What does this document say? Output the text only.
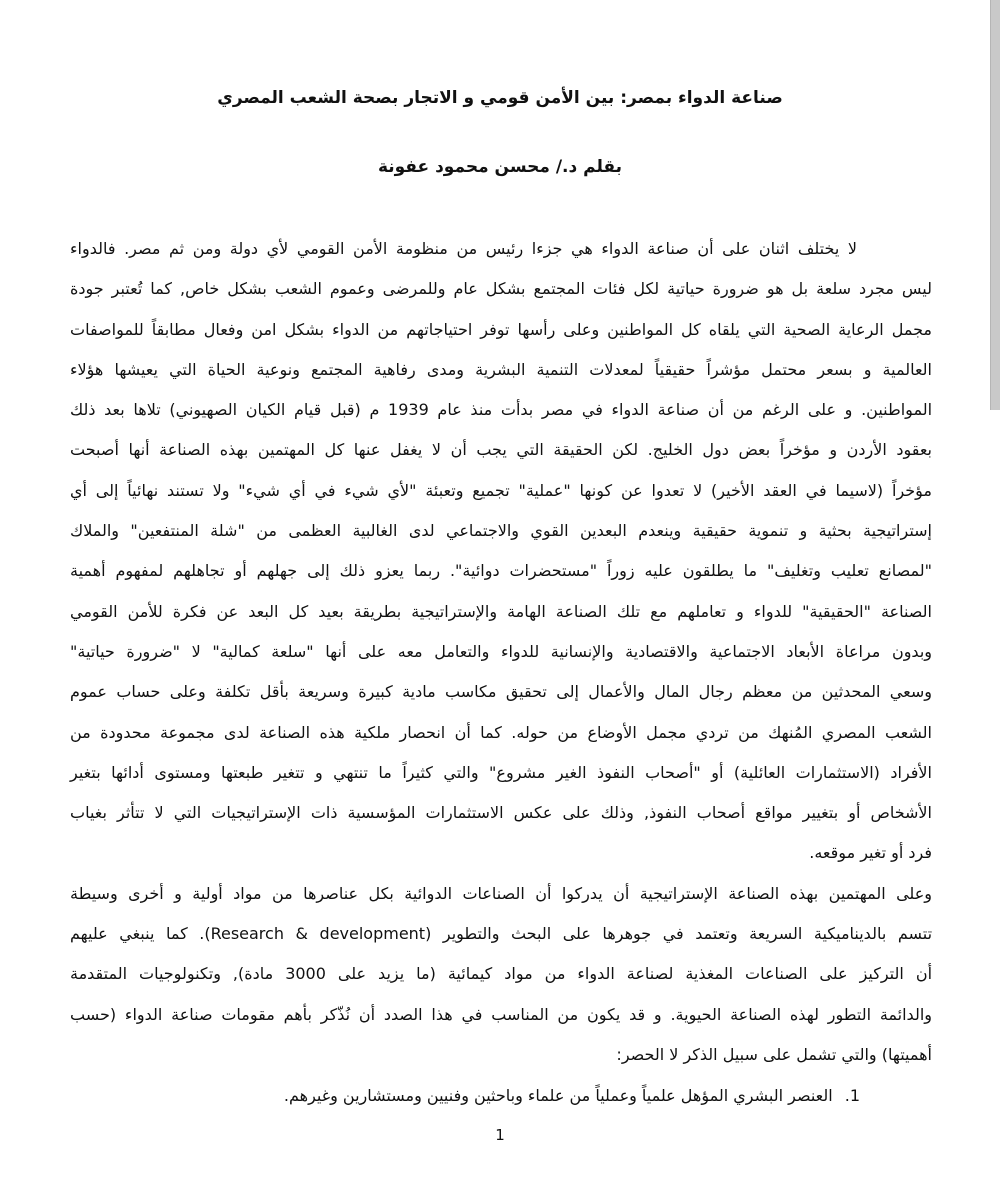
صناعة الدواء بمصر: بين الأمن قومي و الاتجار بصحة الشعب المصري
بقلم د./ محسن محمود عفونة
لا يختلف اثنان على أن صناعة الدواء هي جزءا رئيس من منظومة الأمن القومي لأي دولة ومن ثم مصر. فالدواء
ليس مجرد سلعة بل هو ضرورة حياتية لكل فئات المجتمع بشكل عام وللمرضى وعموم الشعب بشكل خاص, كما تُعتبر جودة
مجمل الرعاية الصحية التي يلقاه كل المواطنين وعلى رأسها توفر احتياجاتهم من الدواء بشكل امن وفعال مطابقاً للمواصفات
العالمية و بسعر محتمل مؤشراً حقيقياً لمعدلات التنمية البشرية ومدى رفاهية المجتمع ونوعية الحياة التي يعيشها هؤلاء
المواطنين. و على الرغم من أن صناعة الدواء في مصر بدأت منذ عام 1939 م (قبل قيام الكيان الصهيوني) تلاها بعد ذلك
بعقود الأردن و مؤخراً بعض دول الخليج. لكن الحقيقة التي يجب أن لا يغفل عنها كل المهتمين بهذه الصناعة أنها أصبحت
مؤخراً (لاسيما في العقد الأخير) لا تعدوا عن كونها "عملية" تجميع وتعبئة "لأي شيء في أي شيء" ولا تستند نهائياً إلى أي
إستراتيجية بحثية و تنموية حقيقية وينعدم البعدين القوي والاجتماعي لدى الغالبية العظمى من "شلة المنتفعين" والملاك
"لمصانع تعليب وتغليف" ما يطلقون عليه زوراً "مستحضرات دوائية". ربما يعزو ذلك إلى جهلهم أو تجاهلهم لمفهوم أهمية
الصناعة "الحقيقية" للدواء و تعاملهم مع تلك الصناعة الهامة والإستراتيجية بطريقة بعيد كل البعد عن فكرة للأمن القومي
وبدون مراعاة الأبعاد الاجتماعية والاقتصادية والإنسانية للدواء والتعامل معه على أنها "سلعة كمالية" لا "ضرورة حياتية"
وسعي المحدثين من معظم رجال المال والأعمال إلى تحقيق مكاسب مادية كبيرة وسريعة بأقل تكلفة وعلى حساب عموم
الشعب المصري المُنهك من تردي مجمل الأوضاع من حوله. كما أن انحصار ملكية هذه الصناعة لدى مجموعة محدودة من
الأفراد (الاستثمارات العائلية) أو "أصحاب النفوذ الغير مشروع" والتي كثيراً ما تنتهي و تتغير طبعتها ومستوى أدائها بتغير
الأشخاص أو بتغيير مواقع أصحاب النفوذ, وذلك على عكس الاستثمارات المؤسسية ذات الإستراتيجيات التي لا تتأثر بغياب
فرد أو تغير موقعه.
وعلى المهتمين بهذه الصناعة الإستراتيجية أن يدركوا أن الصناعات الدوائية بكل عناصرها من مواد أولية و أخرى وسيطة
تتسم بالديناميكية السريعة وتعتمد في جوهرها على البحث والتطوير (Research & development). كما ينبغي عليهم
أن التركيز على الصناعات المغذية لصناعة الدواء من مواد كيمائية (ما يزيد على 3000 مادة), وتكنولوجيات المتقدمة
والدائمة التطور لهذه الصناعة الحيوية. و قد يكون من المناسب في هذا الصدد أن نُذّكر بأهم مقومات صناعة الدواء (حسب
أهميتها) والتي تشمل على سبيل الذكر لا الحصر:
1.العنصر البشري المؤهل علمياً وعملياً من علماء وباحثين وفنيين ومستشارين وغيرهم.
1
